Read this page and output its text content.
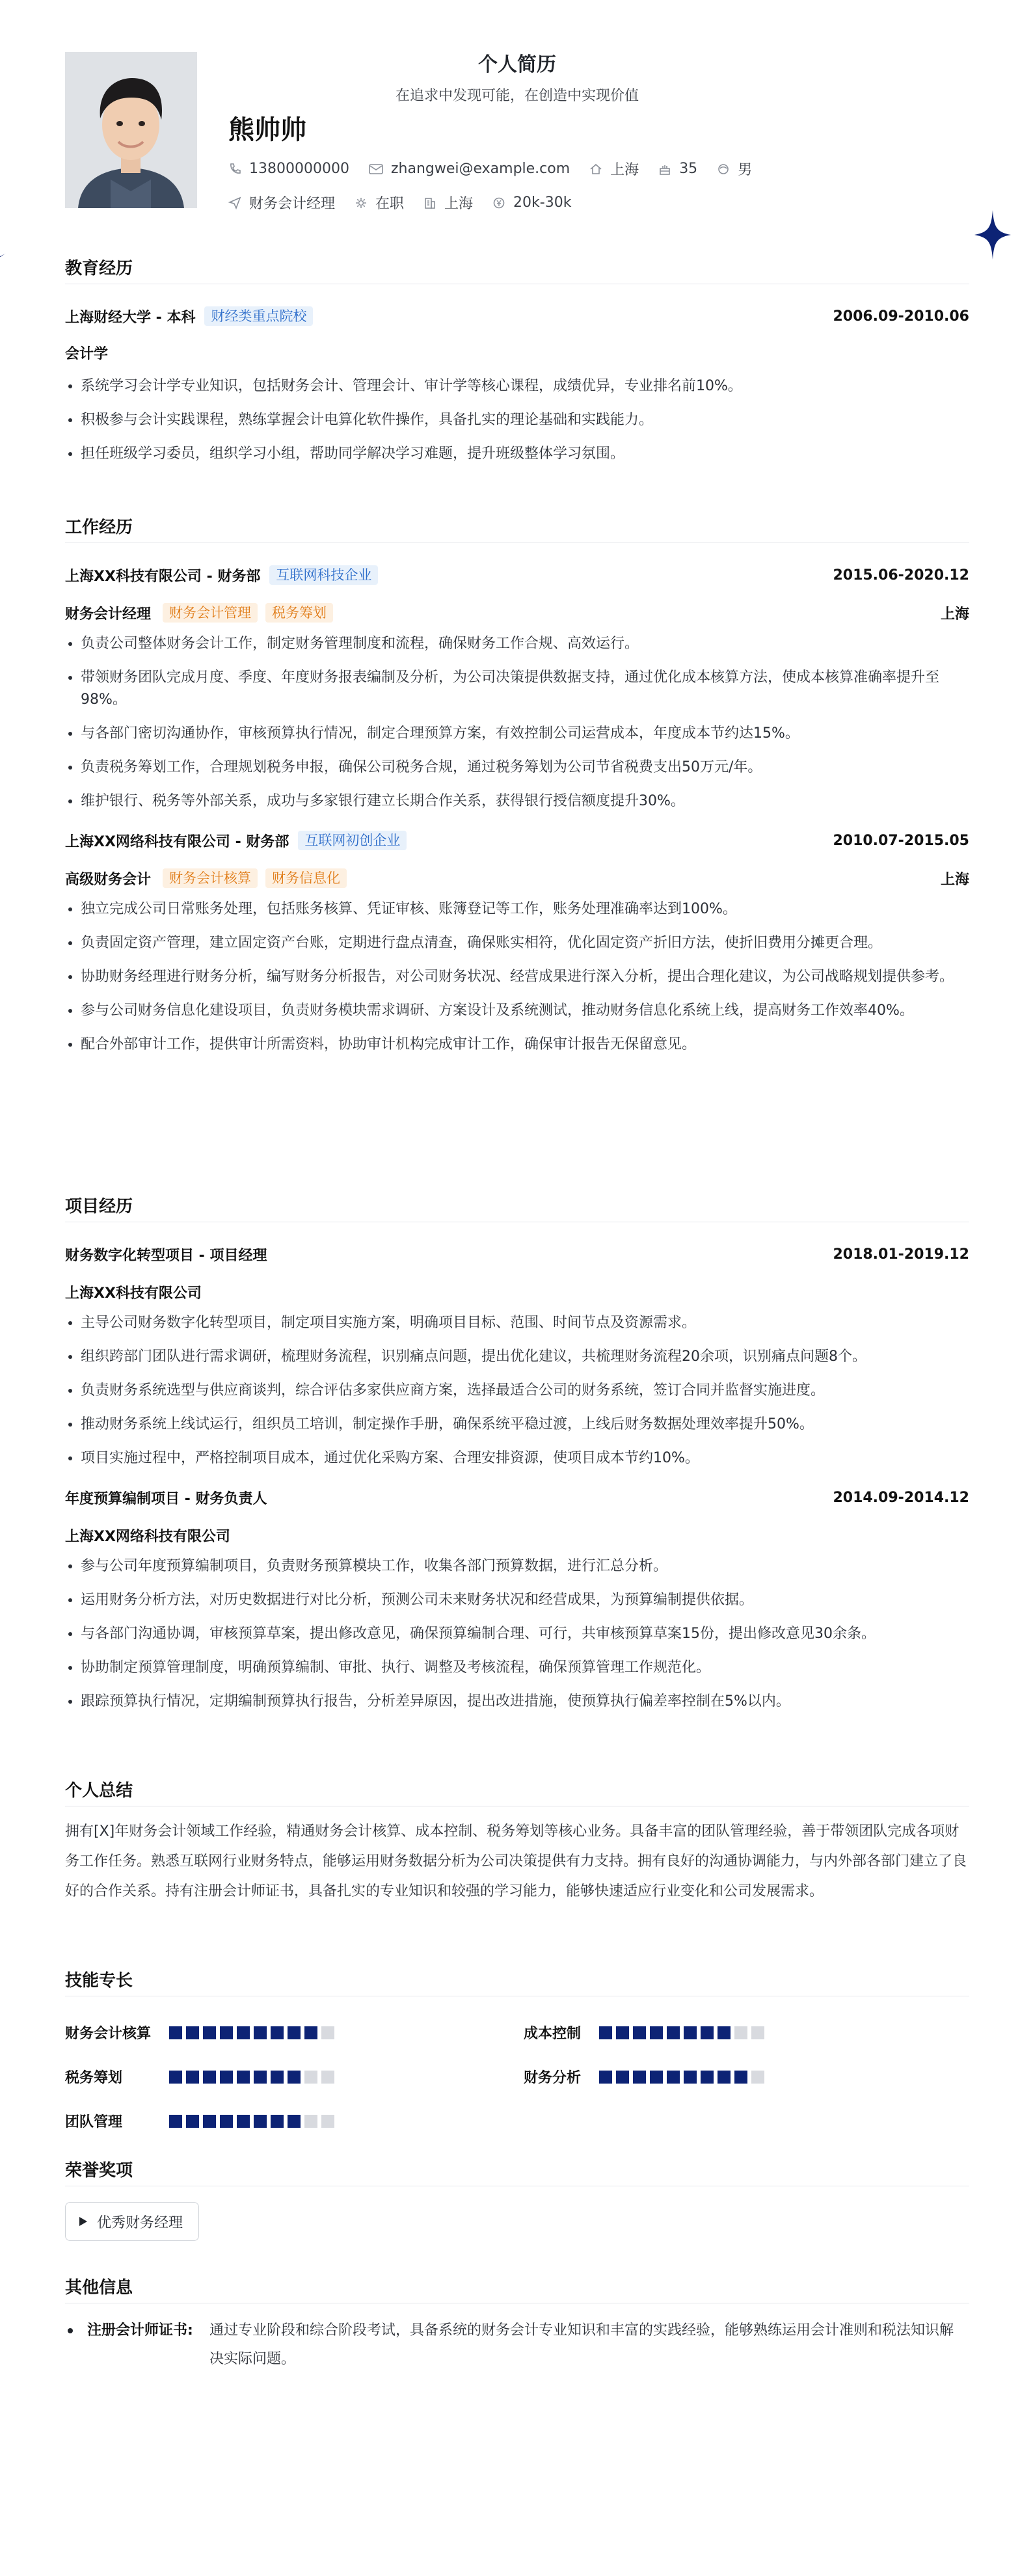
个人简历
在追求中发现可能，在创造中实现价值
熊帅帅
13800000000	zhangwei@example.com	上海	35	男
财务会计经理	在职	上海	20k-30k
教育经历
上海财经大学 - 本科	财经类重点院校	2006.09-2010.06
会计学
• 系统学习会计学专业知识，包括财务会计、管理会计、审计学等核心课程，成绩优异，专业排名前10%。
• 积极参与会计实践课程，熟练掌握会计电算化软件操作，具备扎实的理论基础和实践能力。
• 担任班级学习委员，组织学习小组，帮助同学解决学习难题，提升班级整体学习氛围。
工作经历
上海XX科技有限公司 - 财务部	互联网科技企业	2015.06-2020.12
财务会计经理	财务会计管理	税务筹划	上海
• 负责公司整体财务会计工作，制定财务管理制度和流程，确保财务工作合规、高效运行。
• 带领财务团队完成月度、季度、年度财务报表编制及分析，为公司决策提供数据支持，通过优化成本核算方法，使成本核算准确率提升至98%。
• 与各部门密切沟通协作，审核预算执行情况，制定合理预算方案，有效控制公司运营成本，年度成本节约达15%。
• 负责税务筹划工作，合理规划税务申报，确保公司税务合规，通过税务筹划为公司节省税费支出50万元/年。
• 维护银行、税务等外部关系，成功与多家银行建立长期合作关系，获得银行授信额度提升30%。
上海XX网络科技有限公司 - 财务部	互联网初创企业	2010.07-2015.05
高级财务会计	财务会计核算	财务信息化	上海
• 独立完成公司日常账务处理，包括账务核算、凭证审核、账簿登记等工作，账务处理准确率达到100%。
• 负责固定资产管理，建立固定资产台账，定期进行盘点清查，确保账实相符，优化固定资产折旧方法，使折旧费用分摊更合理。
• 协助财务经理进行财务分析，编写财务分析报告，对公司财务状况、经营成果进行深入分析，提出合理化建议，为公司战略规划提供参考。
• 参与公司财务信息化建设项目，负责财务模块需求调研、方案设计及系统测试，推动财务信息化系统上线，提高财务工作效率40%。
• 配合外部审计工作，提供审计所需资料，协助审计机构完成审计工作，确保审计报告无保留意见。
项目经历
财务数字化转型项目 - 项目经理	2018.01-2019.12
上海XX科技有限公司
• 主导公司财务数字化转型项目，制定项目实施方案，明确项目目标、范围、时间节点及资源需求。
• 组织跨部门团队进行需求调研，梳理财务流程，识别痛点问题，提出优化建议，共梳理财务流程20余项，识别痛点问题8个。
• 负责财务系统选型与供应商谈判，综合评估多家供应商方案，选择最适合公司的财务系统，签订合同并监督实施进度。
• 推动财务系统上线试运行，组织员工培训，制定操作手册，确保系统平稳过渡，上线后财务数据处理效率提升50%。
• 项目实施过程中，严格控制项目成本，通过优化采购方案、合理安排资源，使项目成本节约10%。
年度预算编制项目 - 财务负责人	2014.09-2014.12
上海XX网络科技有限公司
• 参与公司年度预算编制项目，负责财务预算模块工作，收集各部门预算数据，进行汇总分析。
• 运用财务分析方法，对历史数据进行对比分析，预测公司未来财务状况和经营成果，为预算编制提供依据。
• 与各部门沟通协调，审核预算草案，提出修改意见，确保预算编制合理、可行，共审核预算草案15份，提出修改意见30余条。
• 协助制定预算管理制度，明确预算编制、审批、执行、调整及考核流程，确保预算管理工作规范化。
• 跟踪预算执行情况，定期编制预算执行报告，分析差异原因，提出改进措施，使预算执行偏差率控制在5%以内。
个人总结
拥有[X]年财务会计领域工作经验，精通财务会计核算、成本控制、税务筹划等核心业务。具备丰富的团队管理经验，善于带领团队完成各项财务工作任务。熟悉互联网行业财务特点，能够运用财务数据分析为公司决策提供有力支持。拥有良好的沟通协调能力，与内外部各部门建立了良好的合作关系。持有注册会计师证书，具备扎实的专业知识和较强的学习能力，能够快速适应行业变化和公司发展需求。
技能专长
财务会计核算	成本控制
税务筹划	财务分析
团队管理
荣誉奖项
优秀财务经理
其他信息
注册会计师证书:	通过专业阶段和综合阶段考试，具备系统的财务会计专业知识和丰富的实践经验，能够熟练运用会计准则和税法知识解决实际问题。
